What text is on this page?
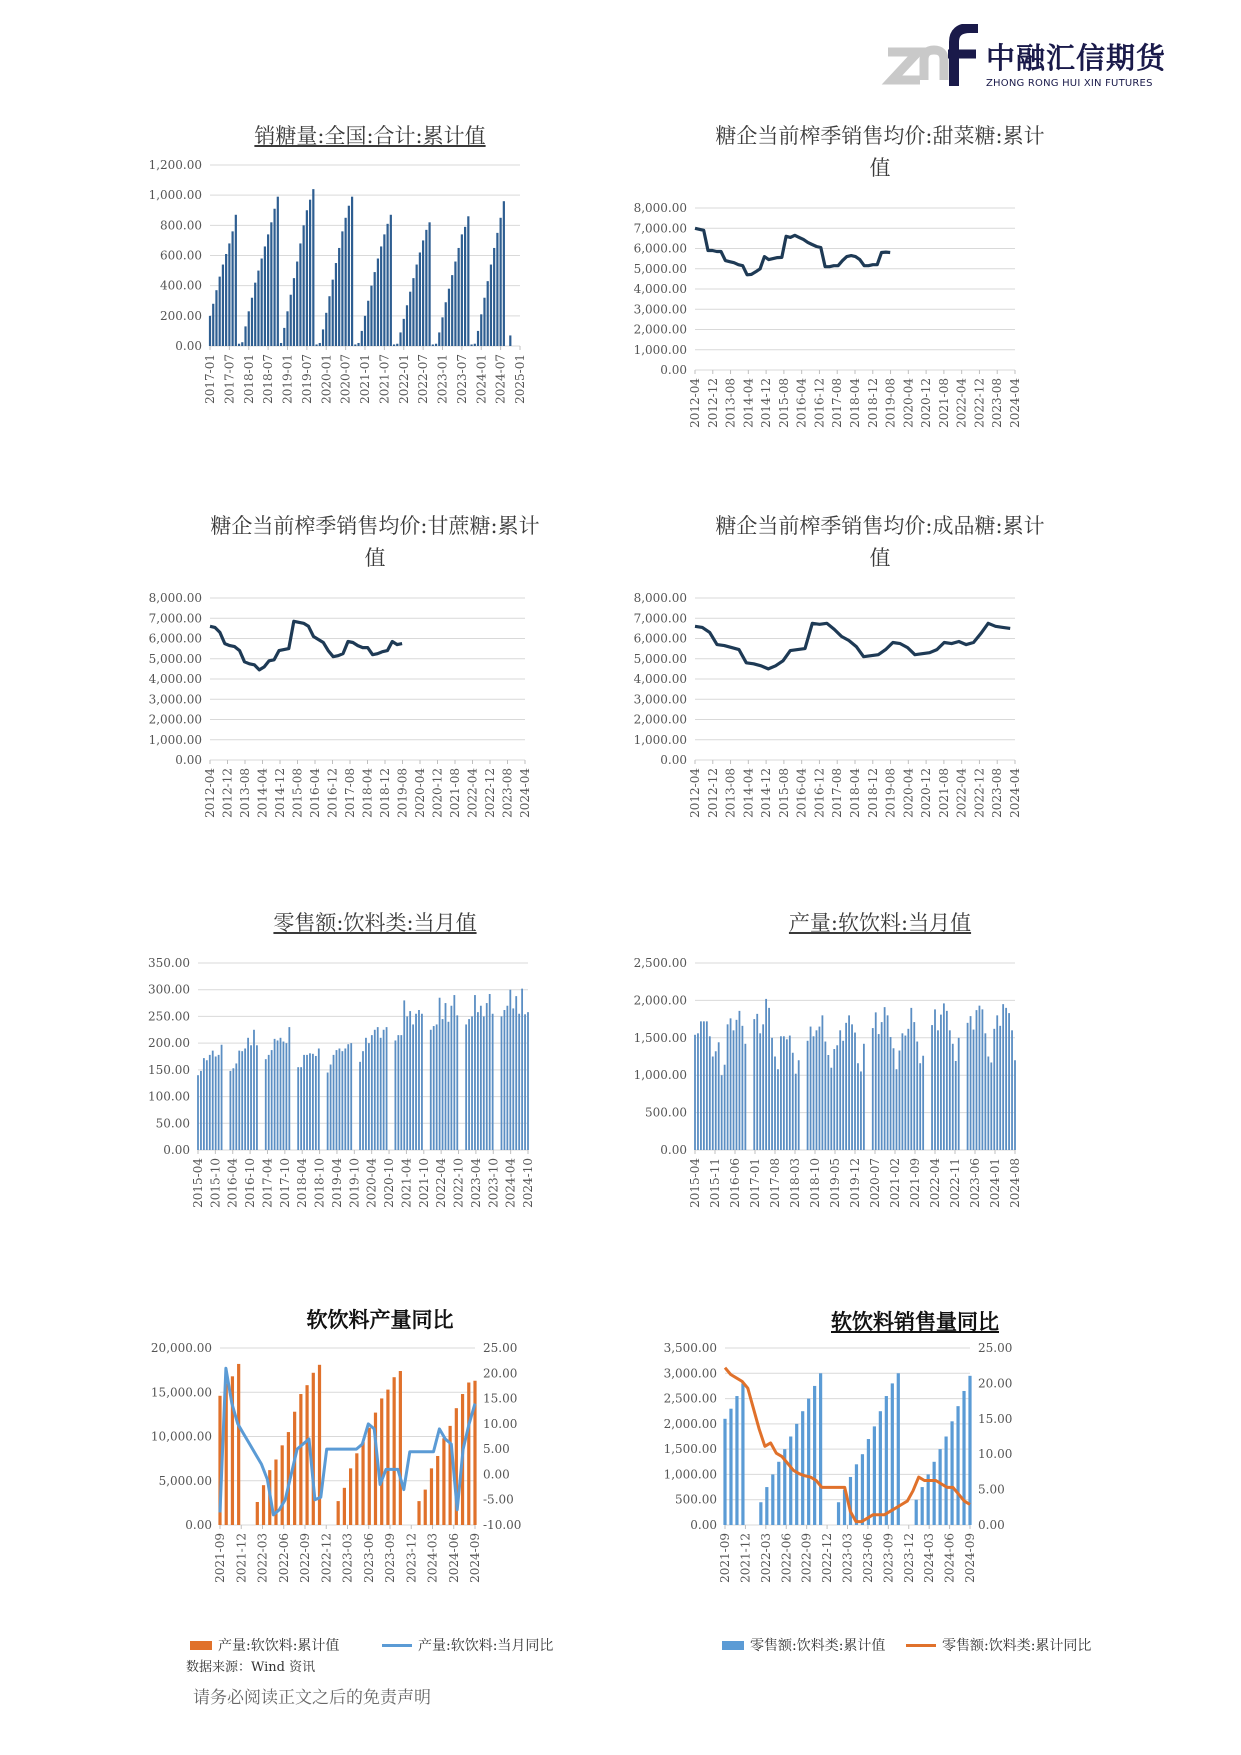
中融汇信期货
ZHONG RONG HUI XIN FUTURES
销糖量:全国:合计:累计值
1,200.00
1,000.00
800.00
600.00
400.00
200.00
0.00
2017-01 2017-07 2018-01 2018-07 2019-01 2019-07 2020-01 2020-07 2021-01 2021-07 2022-01 2022-07 2023-01 2023-07 2024-01 2024-07 2025-01
糖企当前榨季销售均价:甜菜糖:累计
值
8,000.00
7,000.00
6,000.00
5,000.00
4,000.00
3,000.00
2,000.00
1,000.00
0.00
2012-04 2012-12 2013-08 2014-04 2014-12 2015-08 2016-04 2016-12 2017-08 2018-04 2018-12 2019-08 2020-04 2020-12 2021-08 2022-04 2022-12 2023-08 2024-04
糖企当前榨季销售均价:甘蔗糖:累计
值
8,000.00
7,000.00
6,000.00
5,000.00
4,000.00
3,000.00
2,000.00
1,000.00
0.00
2012-04 2012-12 2013-08 2014-04 2014-12 2015-08 2016-04 2016-12 2017-08 2018-04 2018-12 2019-08 2020-04 2020-12 2021-08 2022-04 2022-12 2023-08 2024-04
糖企当前榨季销售均价:成品糖:累计
值
8,000.00
7,000.00
6,000.00
5,000.00
4,000.00
3,000.00
2,000.00
1,000.00
0.00
2012-04 2012-12 2013-08 2014-04 2014-12 2015-08 2016-04 2016-12 2017-08 2018-04 2018-12 2019-08 2020-04 2020-12 2021-08 2022-04 2022-12 2023-08 2024-04
零售额:饮料类:当月值
350.00
300.00
250.00
200.00
150.00
100.00
50.00
0.00
2015-04 2015-10 2016-04 2016-10 2017-04 2017-10 2018-04 2018-10 2019-04 2019-10 2020-04 2020-10 2021-04 2021-10 2022-04 2022-10 2023-04 2023-10 2024-04 2024-10
产量:软饮料:当月值
2,500.00
2,000.00
1,500.00
1,000.00
500.00
0.00
2015-04 2015-11 2016-06 2017-01 2017-08 2018-03 2018-10 2019-05 2019-12 2020-07 2021-02 2021-09 2022-04 2022-11 2023-06 2024-01 2024-08
软饮料产量同比
20,000.00
15,000.00
10,000.00
5,000.00
0.00
25.00
20.00
15.00
10.00
5.00
0.00
-5.00
-10.00
2021-09 2021-12 2022-03 2022-06 2022-09 2022-12 2023-03 2023-06 2023-09 2023-12 2024-03 2024-06 2024-09
产量:软饮料:累计值	产量:软饮料:当月同比
软饮料销售量同比
3,500.00
3,000.00
2,500.00
2,000.00
1,500.00
1,000.00
500.00
0.00
25.00
20.00
15.00
10.00
5.00
0.00
2021-09 2021-12 2022-03 2022-06 2022-09 2022-12 2023-03 2023-06 2023-09 2023-12 2024-03 2024-06 2024-09
零售额:饮料类:累计值	零售额:饮料类:累计同比
数据来源：Wind 资讯
请务必阅读正文之后的免责声明
